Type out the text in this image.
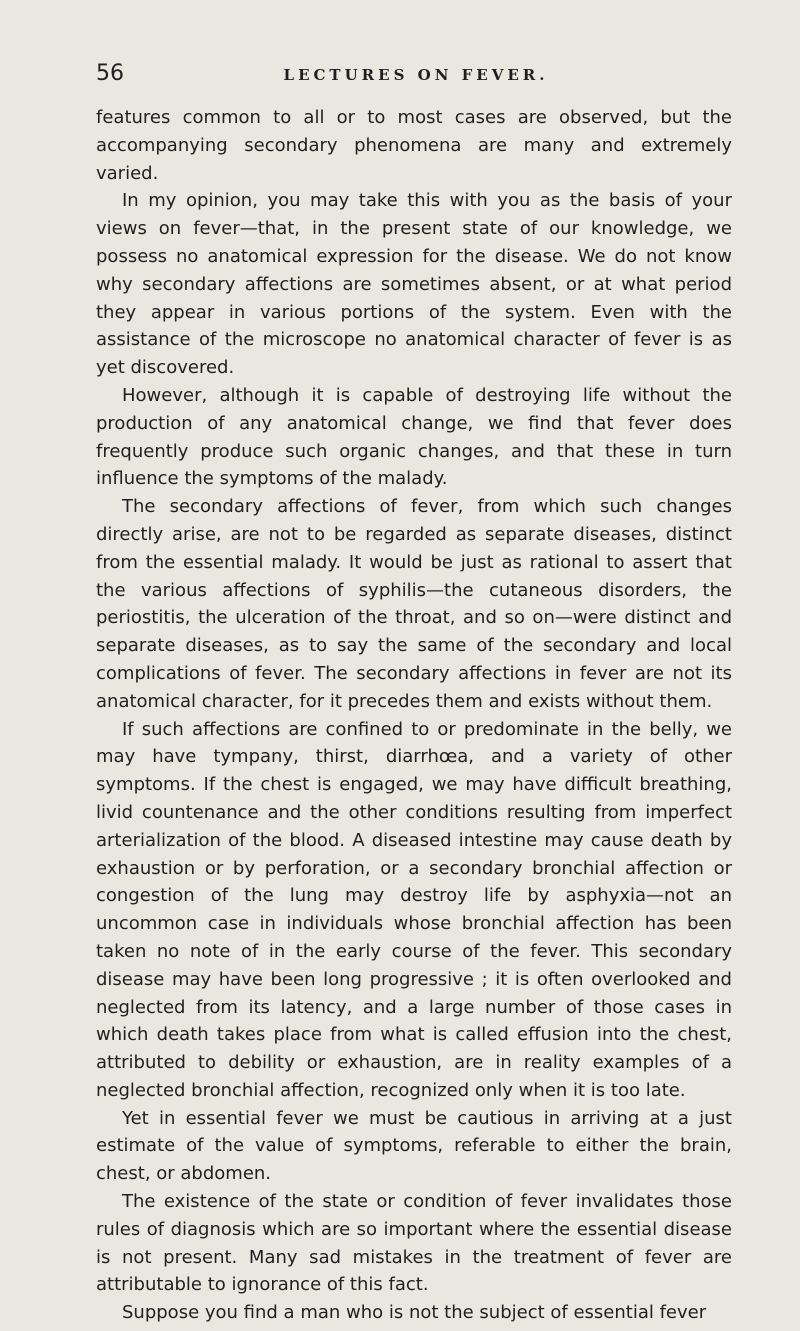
56	LECTURES ON FEVER.

features common to all or to most cases are observed, but the accompanying secondary phenomena are many and extremely varied.

In my opinion, you may take this with you as the basis of your views on fever—that, in the present state of our knowledge, we possess no anatomical expression for the disease. We do not know why secondary affections are sometimes absent, or at what period they appear in various portions of the system. Even with the assistance of the microscope no anatomical character of fever is as yet discovered.

However, although it is capable of destroying life without the production of any anatomical change, we find that fever does frequently produce such organic changes, and that these in turn influence the symptoms of the malady.

The secondary affections of fever, from which such changes directly arise, are not to be regarded as separate diseases, distinct from the essential malady. It would be just as rational to assert that the various affections of syphilis—the cutaneous disorders, the periostitis, the ulceration of the throat, and so on—were distinct and separate diseases, as to say the same of the secondary and local complications of fever. The secondary affections in fever are not its anatomical character, for it precedes them and exists without them.

If such affections are confined to or predominate in the belly, we may have tympany, thirst, diarrhœa, and a variety of other symptoms. If the chest is engaged, we may have difficult breathing, livid countenance and the other conditions resulting from imperfect arterialization of the blood. A diseased intestine may cause death by exhaustion or by perforation, or a secondary bronchial affection or congestion of the lung may destroy life by asphyxia—not an uncommon case in individuals whose bronchial affection has been taken no note of in the early course of the fever. This secondary disease may have been long progressive ; it is often overlooked and neglected from its latency, and a large number of those cases in which death takes place from what is called effusion into the chest, attributed to debility or exhaustion, are in reality examples of a neglected bronchial affection, recognized only when it is too late.

Yet in essential fever we must be cautious in arriving at a just estimate of the value of symptoms, referable to either the brain, chest, or abdomen.

The existence of the state or condition of fever invalidates those rules of diagnosis which are so important where the essential disease is not present. Many sad mistakes in the treatment of fever are attributable to ignorance of this fact.

Suppose you find a man who is not the subject of essential fever
